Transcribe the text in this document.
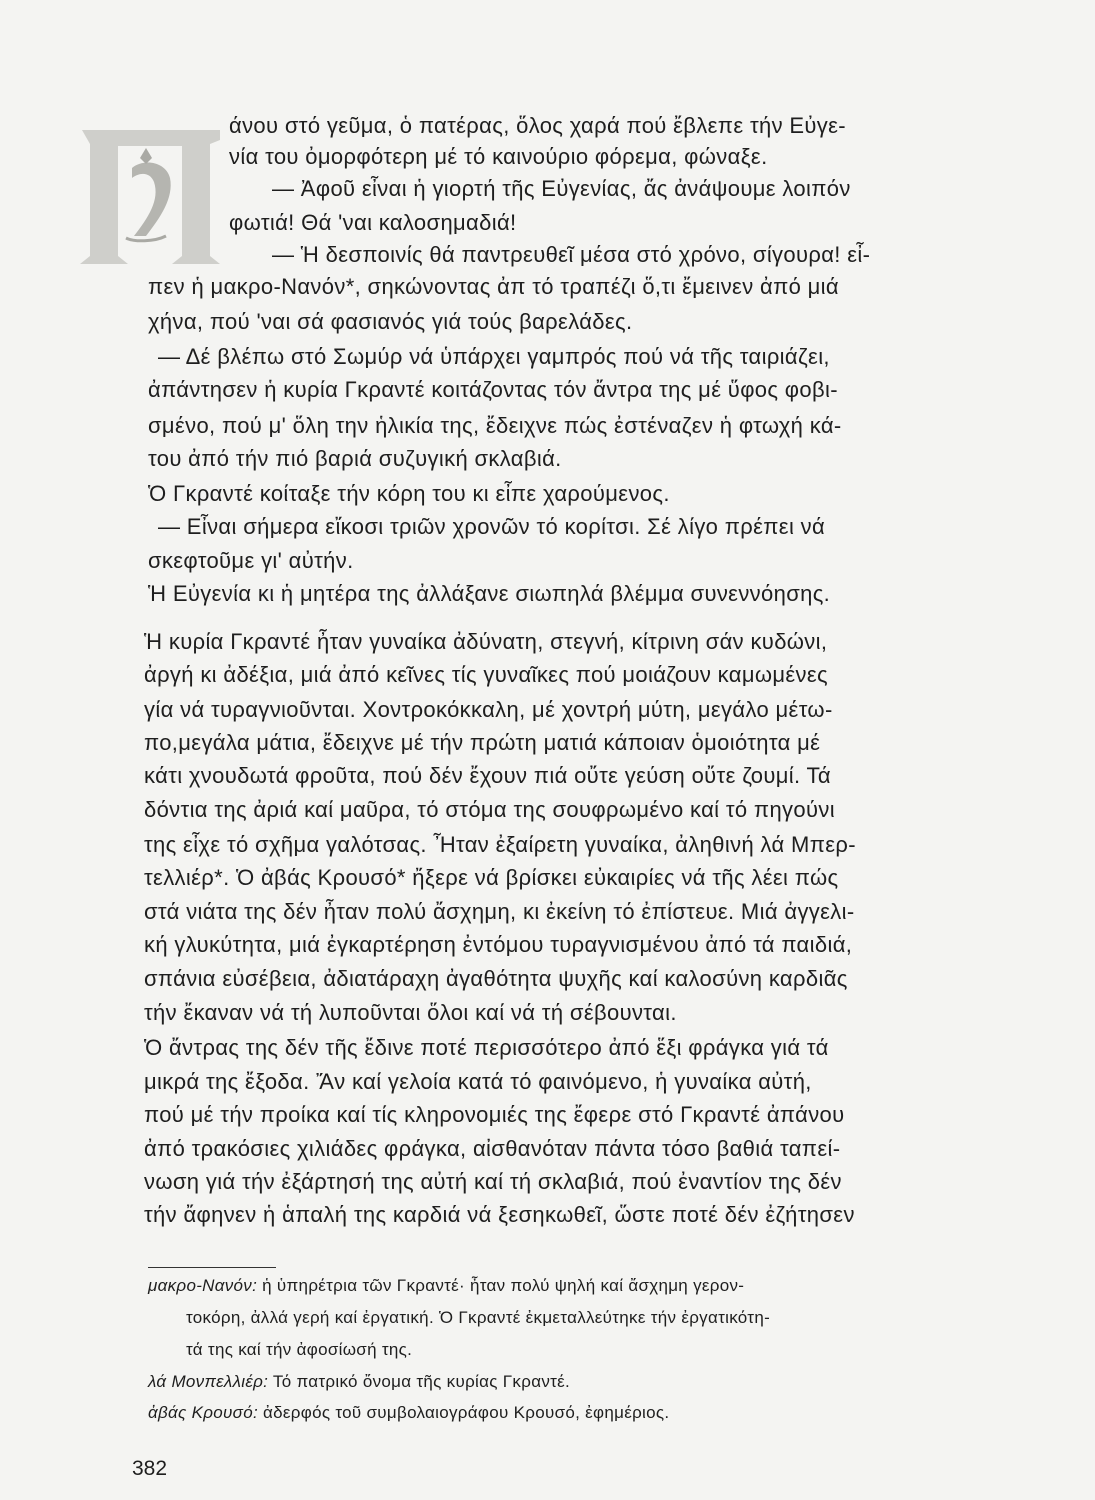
άνου στό γεῦμα, ὁ πατέρας, ὅλος χαρά πού ἔβλεπε τήν Εὐγε-
νία του ὀμορφότερη μέ τό καινούριο φόρεμα, φώναξε.
— Ἀφοῦ εἶναι ἡ γιορτή τῆς Εὐγενίας, ἄς ἀνάψουμε λοιπόν
φωτιά! Θά 'ναι καλοσημαδιά!
— Ἡ δεσποινίς θά παντρευθεῖ μέσα στό χρόνο, σίγουρα! εἶ-
πεν ἡ μακρο-Νανόν*, σηκώνοντας ἀπ τό τραπέζι ὅ,τι ἔμεινεν ἀπό μιά
χήνα, πού 'ναι σά φασιανός γιά τούς βαρελάδες.
— Δέ βλέπω στό Σωμύρ νά ὑπάρχει γαμπρός πού νά τῆς ταιριάζει,
ἀπάντησεν ἡ κυρία Γκραντέ κοιτάζοντας τόν ἄντρα της μέ ὕφος φοβι-
σμένο, πού μ' ὅλη την ἡλικία της, ἔδειχνε πώς ἐστέναζεν ἡ φτωχή κά-
του ἀπό τήν πιό βαριά συζυγική σκλαβιά.
Ὁ Γκραντέ κοίταξε τήν κόρη του κι εἶπε χαρούμενος.
— Εἶναι σήμερα εἴκοσι τριῶν χρονῶν τό κορίτσι. Σέ λίγο πρέπει νά
σκεφτοῦμε γι' αὐτήν.
Ἡ Εὐγενία κι ἡ μητέρα της ἀλλάξανε σιωπηλά βλέμμα συνεννόησης.
Ἡ κυρία Γκραντέ ἦταν γυναίκα ἀδύνατη, στεγνή, κίτρινη σάν κυδώνι,
ἀργή κι ἀδέξια, μιά ἀπό κεῖνες τίς γυναῖκες πού μοιάζουν καμωμένες
γία νά τυραγνιοῦνται. Χοντροκόκκαλη, μέ χοντρή μύτη, μεγάλο μέτω-
πο,μεγάλα μάτια, ἔδειχνε μέ τήν πρώτη ματιά κάποιαν ὁμοιότητα μέ
κάτι χνουδωτά φροῦτα, πού δέν ἔχουν πιά οὔτε γεύση οὔτε ζουμί. Τά
δόντια της ἀριά καί μαῦρα, τό στόμα της σουφρωμένο καί τό πηγούνι
της εἶχε τό σχῆμα γαλότσας. Ἦταν ἐξαίρετη γυναίκα, ἀληθινή λά Μπερ-
τελλιέρ*. Ὁ ἀβάς Κρουσό* ἤξερε νά βρίσκει εὐκαιρίες νά τῆς λέει πώς
στά νιάτα της δέν ἦταν πολύ ἄσχημη, κι ἐκείνη τό ἐπίστευε. Μιά ἀγγελι-
κή γλυκύτητα, μιά ἐγκαρτέρηση ἐντόμου τυραγνισμένου ἀπό τά παιδιά,
σπάνια εὐσέβεια, ἀδιατάραχη ἀγαθότητα ψυχῆς καί καλοσύνη καρδιᾶς
τήν ἔκαναν νά τή λυποῦνται ὅλοι καί νά τή σέβουνται.
Ὁ ἄντρας της δέν τῆς ἔδινε ποτέ περισσότερο ἀπό ἕξι φράγκα γιά τά
μικρά της ἔξοδα. Ἄν καί γελοία κατά τό φαινόμενο, ἡ γυναίκα αὐτή,
πού μέ τήν προίκα καί τίς κληρονομιές της ἔφερε στό Γκραντέ ἀπάνου
ἀπό τρακόσιες χιλιάδες φράγκα, αἰσθανόταν πάντα τόσο βαθιά ταπεί-
νωση γιά τήν ἐξάρτησή της αὐτή καί τή σκλαβιά, πού ἐναντίον της δέν
τήν ἄφηνεν ἡ ἁπαλή της καρδιά νά ξεσηκωθεῖ, ὥστε ποτέ δέν ἐζήτησεν
μακρο-Νανόν: ἡ ὑπηρέτρια τῶν Γκραντέ· ἦταν πολύ ψηλή καί ἄσχημη γερον-
τοκόρη, ἀλλά γερή καί ἐργατική. Ὁ Γκραντέ ἐκμεταλλεύτηκε τήν ἐργατικότη-
τά της καί τήν ἀφοσίωσή της.
λά Μονπελλιέρ: Τό πατρικό ὄνομα τῆς κυρίας Γκραντέ.
ἀβάς Κρουσό: ἀδερφός τοῦ συμβολαιογράφου Κρουσό, ἐφημέριος.
382
